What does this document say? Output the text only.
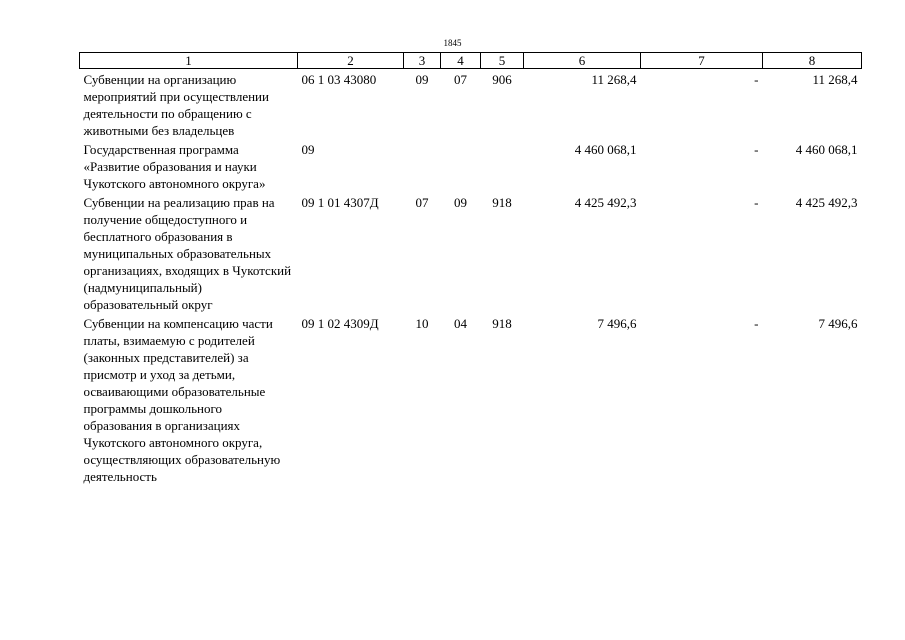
1845
1	2	3	4	5	6	7	8
Субвенции на организацию мероприятий при осуществлении деятельности по обращению с животными без владельцев	06 1 03 43080	09	07	906	11 268,4	-	11 268,4
Государственная программа «Развитие образования и науки Чукотского автономного округа»	09				4 460 068,1	-	4 460 068,1
Субвенции на реализацию прав на получение общедоступного и бесплатного образования в муниципальных образовательных организациях, входящих в Чукотский (надмуниципальный) образовательный округ	09 1 01 4307Д	07	09	918	4 425 492,3	-	4 425 492,3
Субвенции на компенсацию части платы, взимаемую с родителей (законных представителей) за присмотр и уход за детьми, осваивающими образовательные программы дошкольного образования в организациях Чукотского автономного округа, осуществляющих образовательную деятельность	09 1 02 4309Д	10	04	918	7 496,6	-	7 496,6
